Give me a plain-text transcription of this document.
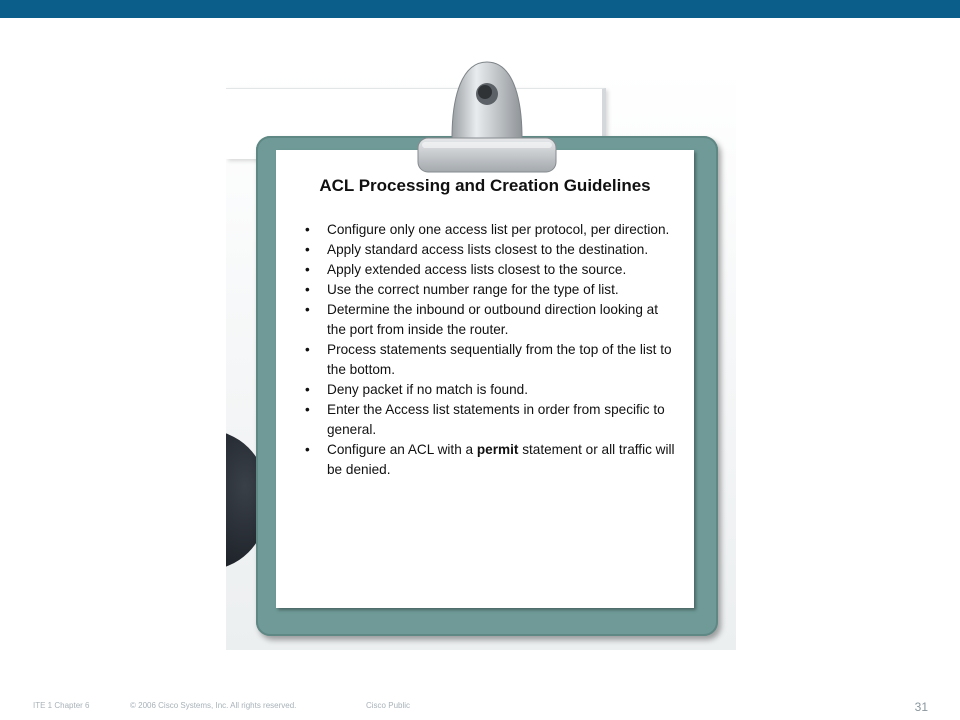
ACL Processing and Creation Guidelines
• Configure only one access list per protocol, per direction.
• Apply standard access lists closest to the destination.
• Apply extended access lists closest to the source.
• Use the correct number range for the type of list.
• Determine the inbound or outbound direction looking at the port from inside the router.
• Process statements sequentially from the top of the list to the bottom.
• Deny packet if no match is found.
• Enter the Access list statements in order from specific to general.
• Configure an ACL with a permit statement or all traffic will be denied.
ITE 1 Chapter 6	© 2006 Cisco Systems, Inc. All rights reserved.	Cisco Public	31
